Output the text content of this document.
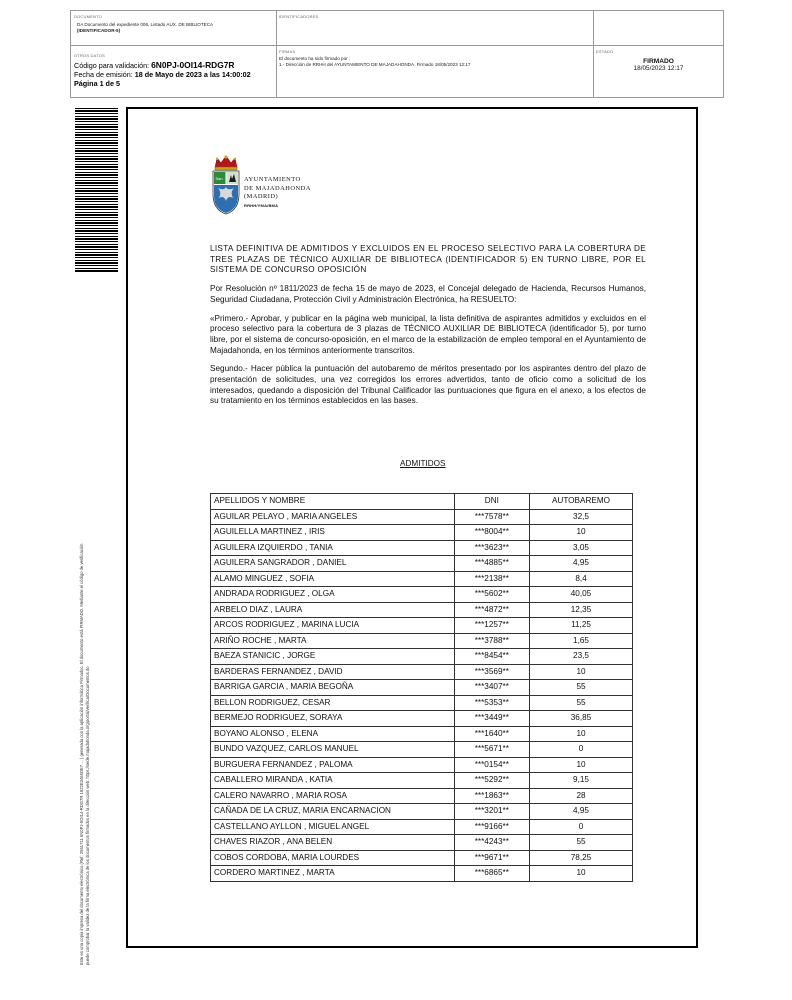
DOCUMENTO
DA Documento del expediente 006, Listado AUX. DE BIBLIOTECA
(IDENTIFICADOR-5)
IDENTIFICADORES
OTROS DATOS
Código para validación: 6N0PJ-0OI14-RDG7R
Fecha de emisión: 18 de Mayo de 2023 a las 14:00:02
Página 1 de 5
FIRMAS
El documento ha sido firmado por :
1.- Dirección de RRHH del AYUNTAMIENTO DE MAJADAHONDA. Firmado 18/05/2023 12:17
ESTADO
FIRMADO
18/05/2023 12:17
Este es una copia impresa del documento electrónico (Ref: 2561711 6N0PJ-0OI14-RDG7R 1922E3465DE7 ... ) generada con la aplicación informática Firmadoc. El documento está FIRMADO. Mediante el código de verificación puede comprobar la validez de la firma electrónica de los documentos firmados en la dirección web: https://sede.majadahonda.org/portal/verificarDocumentos.do
San	AYUNTAMIENTO
DE MAJADAHONDA
(MADRID)
RRHH/YMA/BMA

LISTA DEFINITIVA DE ADMITIDOS Y EXCLUIDOS EN EL PROCESO SELECTIVO PARA LA COBERTURA DE TRES PLAZAS DE TÉCNICO AUXILIAR DE BIBLIOTECA (IDENTIFICADOR 5) EN TURNO LIBRE, POR EL SISTEMA DE CONCURSO OPOSICIÓN

Por Resolución nº 1811/2023 de fecha 15 de mayo de 2023, el Concejal delegado de Hacienda, Recursos Humanos, Seguridad Ciudadana, Protección Civil y Administración Electrónica, ha RESUELTO:

«Primero.- Aprobar, y publicar en la página web municipal, la lista definitiva de aspirantes admitidos y excluidos en el proceso selectivo para la cobertura de 3 plazas de TÉCNICO AUXILIAR DE BIBLIOTECA (identificador 5), por turno libre, por el sistema de concurso-oposición, en el marco de la estabilización de empleo temporal en el Ayuntamiento de Majadahonda, en los términos anteriormente transcritos.

Segundo.- Hacer pública la puntuación del autobaremo de méritos presentado por los aspirantes dentro del plazo de presentación de solicitudes, una vez corregidos los errores advertidos, tanto de oficio como a solicitud de los interesados, quedando a disposición del Tribunal Calificador las puntuaciones que figura en el anexo, a los efectos de su tratamiento en los términos establecidos en las bases.

ADMITIDOS
APELLIDOS Y NOMBRE	DNI	AUTOBAREMO
AGUILAR PELAYO , MARIA ANGELES	***7578**	32,5
AGUILELLA MARTINEZ , IRIS	***8004**	10
AGUILERA IZQUIERDO , TANIA	***3623**	3,05
AGUILERA SANGRADOR , DANIEL	***4885**	4,95
ALAMO MINGUEZ , SOFIA	***2138**	8,4
ANDRADA RODRIGUEZ , OLGA	***5602**	40,05
ARBELO DIAZ , LAURA	***4872**	12,35
ARCOS RODRIGUEZ , MARINA LUCIA	***1257**	11,25
ARIÑO ROCHE , MARTA	***3788**	1,65
BAEZA STANICIC , JORGE	***8454**	23,5
BARDERAS FERNANDEZ , DAVID	***3569**	10
BARRIGA GARCIA , MARIA BEGOÑA	***3407**	55
BELLON RODRIGUEZ, CESAR	***5353**	55
BERMEJO RODRIGUEZ, SORAYA	***3449**	36,85
BOYANO ALONSO , ELENA	***1640**	10
BUNDO VAZQUEZ, CARLOS MANUEL	***5671**	0
BURGUERA FERNANDEZ , PALOMA	***0154**	10
CABALLERO MIRANDA , KATIA	***5292**	9,15
CALERO NAVARRO , MARIA ROSA	***1863**	28
CAÑADA DE LA CRUZ, MARIA ENCARNACION	***3201**	4,95
CASTELLANO AYLLON , MIGUEL ANGEL	***9166**	0
CHAVES RIAZOR , ANA BELEN	***4243**	55
COBOS CORDOBA, MARIA LOURDES	***9671**	78,25
CORDERO MARTINEZ , MARTA	***6865**	10
